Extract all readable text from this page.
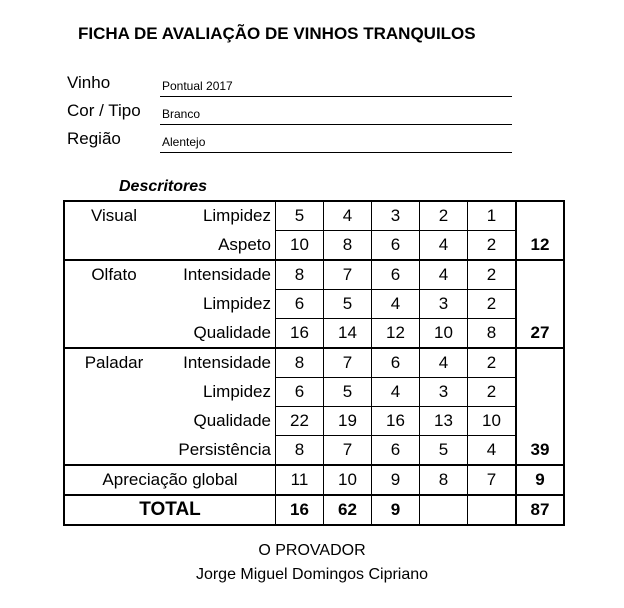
FICHA DE AVALIAÇÃO DE VINHOS TRANQUILOS
Vinho	Pontual 2017
Cor / Tipo Branco
Região	Alentejo
Descritores
Visual	Limpidez	5	4	3	2	1	
	Aspeto	10	8	6	4	2	12
Olfato	Intensidade	8	7	6	4	2	
	Limpidez	6	5	4	3	2	
	Qualidade	16	14	12	10	8	27
Paladar	Intensidade	8	7	6	4	2	
	Limpidez	6	5	4	3	2	
	Qualidade	22	19	16	13	10	
	Persistência	8	7	6	5	4	39
Apreciação global		11	10	9	8	7	9
TOTAL		16	62	9			87
O PROVADOR
Jorge Miguel Domingos Cipriano
